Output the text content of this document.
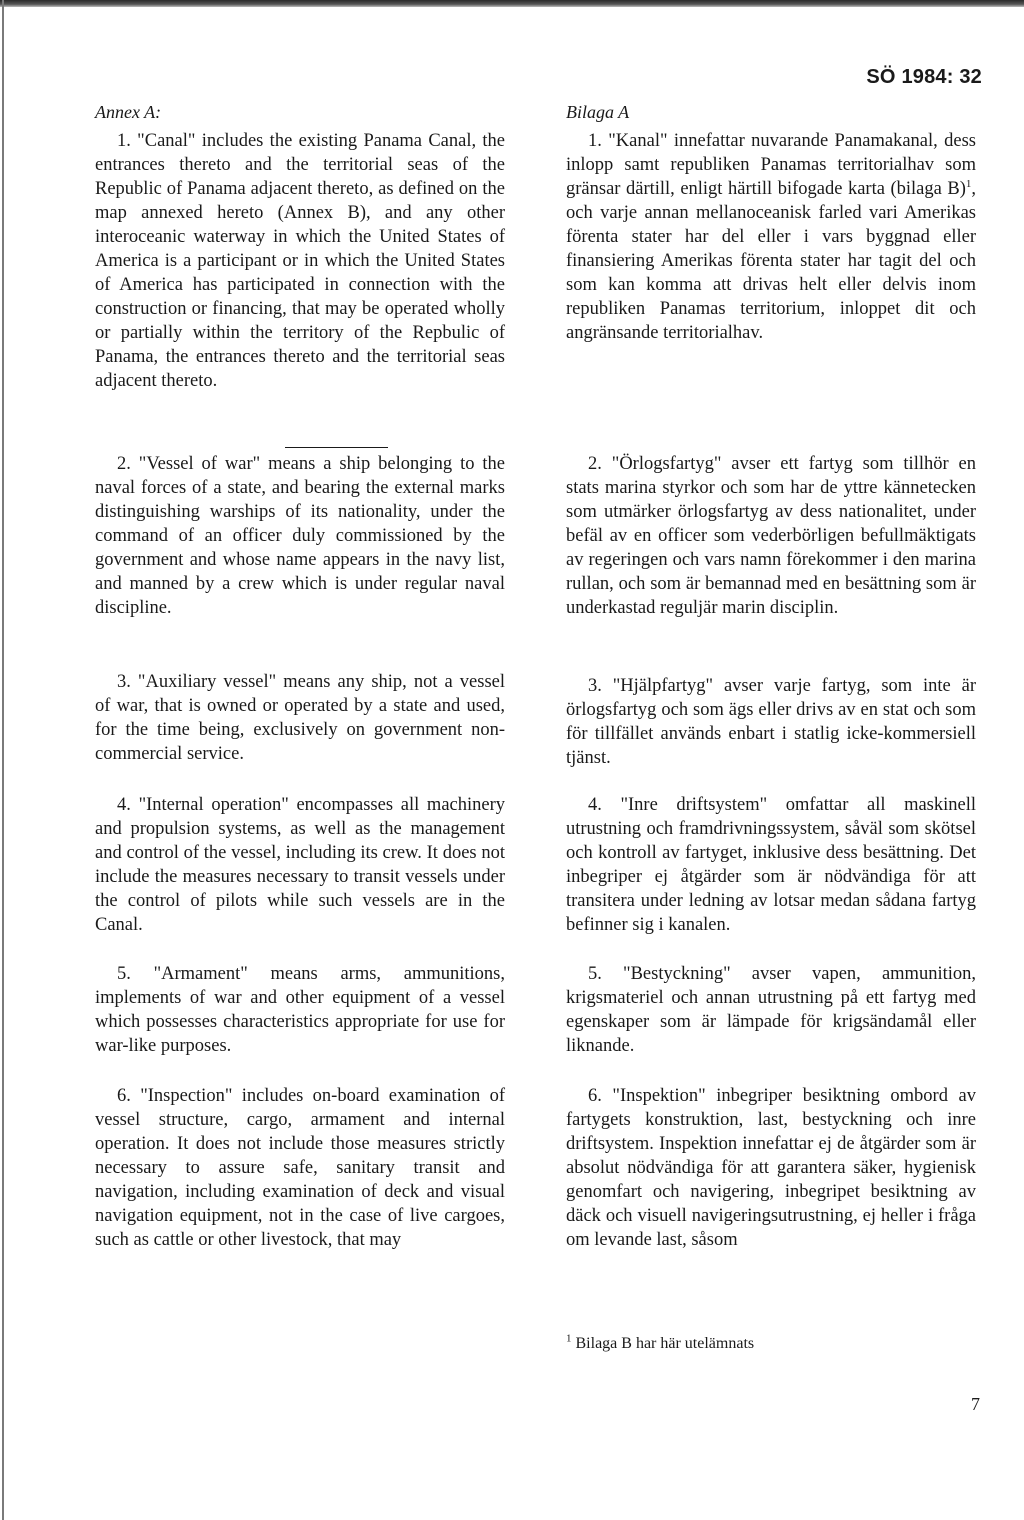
SÖ 1984: 32
Annex A:

1. "Canal" includes the existing Panama Canal, the entrances thereto and the territorial seas of the Republic of Panama adjacent thereto, as defined on the map annexed hereto (Annex B), and any other interoceanic waterway in which the United States of America is a participant or in which the United States of America has participated in connection with the construction or financing, that may be operated wholly or partially within the territory of the Repbulic of Panama, the entrances thereto and the territorial seas adjacent thereto.

2. "Vessel of war" means a ship belonging to the naval forces of a state, and bearing the external marks distinguishing warships of its nationality, under the command of an officer duly commissioned by the government and whose name appears in the navy list, and manned by a crew which is under regular naval discipline.

3. "Auxiliary vessel" means any ship, not a vessel of war, that is owned or operated by a state and used, for the time being, exclusively on government non-commercial service.

4. "Internal operation" encompasses all machinery and propulsion systems, as well as the management and control of the vessel, including its crew. It does not include the measures necessary to transit vessels under the control of pilots while such vessels are in the Canal.

5. "Armament" means arms, ammunitions, implements of war and other equipment of a vessel which possesses characteristics appropriate for use for war-like purposes.

6. "Inspection" includes on-board examination of vessel structure, cargo, armament and internal operation. It does not include those measures strictly necessary to assure safe, sanitary transit and navigation, including examination of deck and visual navigation equipment, not in the case of live cargoes, such as cattle or other livestock, that may

Bilaga A

1. "Kanal" innefattar nuvarande Panamakanal, dess inlopp samt republiken Panamas territorialhav som gränsar därtill, enligt härtill bifogade karta (bilaga B)$^1$, och varje annan mellanoceanisk farled vari Amerikas förenta stater har del eller i vars byggnad eller finansiering Amerikas förenta stater har tagit del och som kan komma att drivas helt eller delvis inom republiken Panamas territorium, inloppet dit och angränsande territorialhav.

2. "Örlogsfartyg" avser ett fartyg som tillhör en stats marina styrkor och som har de yttre kännetecken som utmärker örlogsfartyg av dess nationalitet, under befäl av en officer som vederbörligen befullmäktigats av regeringen och vars namn förekommer i den marina rullan, och som är bemannad med en besättning som är underkastad reguljär marin disciplin.

3. "Hjälpfartyg" avser varje fartyg, som inte är örlogsfartyg och som ägs eller drivs av en stat och som för tillfället används enbart i statlig icke-kommersiell tjänst.

4. "Inre driftsystem" omfattar all maskinell utrustning och framdrivningssystem, såväl som skötsel och kontroll av fartyget, inklusive dess besättning. Det inbegriper ej åtgärder som är nödvändiga för att transitera under ledning av lotsar medan sådana fartyg befinner sig i kanalen.

5. "Bestyckning" avser vapen, ammunition, krigsmateriel och annan utrustning på ett fartyg med egenskaper som är lämpade för krigsändamål eller liknande.

6. "Inspektion" inbegriper besiktning ombord av fartygets konstruktion, last, bestyckning och inre driftsystem. Inspektion innefattar ej de åtgärder som är absolut nödvändiga för att garantera säker, hygienisk genomfart och navigering, inbegripet besiktning av däck och visuell navigeringsutrustning, ej heller i fråga om levande last, såsom

$^1$ Bilaga B har här utelämnats
7
